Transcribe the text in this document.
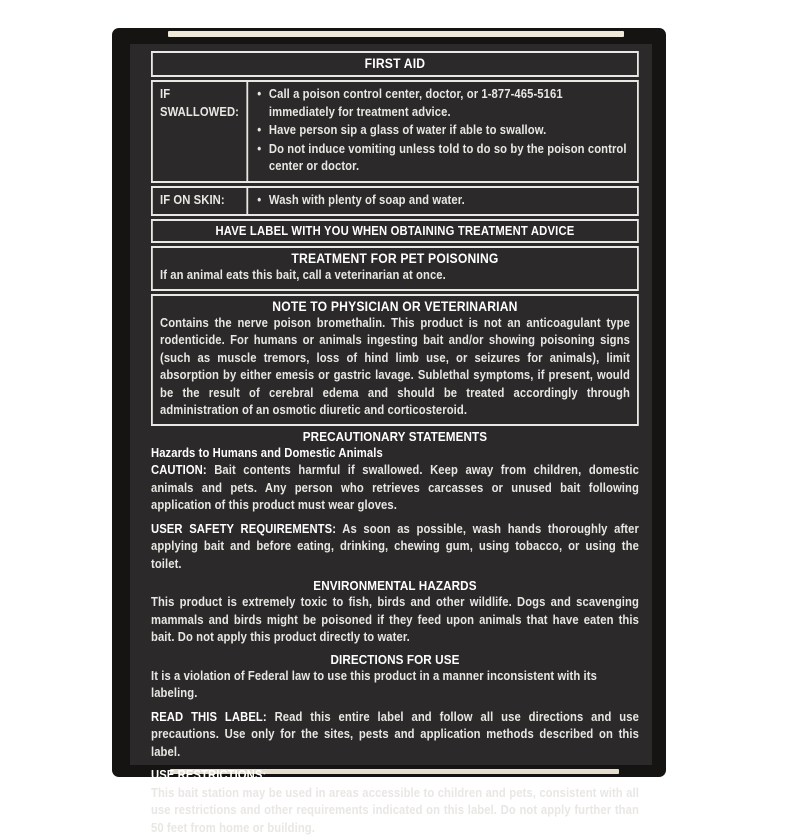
FIRST AID
IF SWALLOWED:
• Call a poison control center, doctor, or 1-877-465-5161 immediately for treatment advice.
• Have person sip a glass of water if able to swallow.
• Do not induce vomiting unless told to do so by the poison control center or doctor.
IF ON SKIN:	• Wash with plenty of soap and water.
HAVE LABEL WITH YOU WHEN OBTAINING TREATMENT ADVICE
TREATMENT FOR PET POISONING
If an animal eats this bait, call a veterinarian at once.
NOTE TO PHYSICIAN OR VETERINARIAN
Contains the nerve poison bromethalin. This product is not an anticoagulant type rodenticide. For humans or animals ingesting bait and/or showing poisoning signs (such as muscle tremors, loss of hind limb use, or seizures for animals), limit absorption by either emesis or gastric lavage. Sublethal symptoms, if present, would be the result of cerebral edema and should be treated accordingly through administration of an osmotic diuretic and corticosteroid.
PRECAUTIONARY STATEMENTS

Hazards to Humans and Domestic Animals

CAUTION: Bait contents harmful if swallowed. Keep away from children, domestic animals and pets. Any person who retrieves carcasses or unused bait following application of this product must wear gloves.

USER SAFETY REQUIREMENTS: As soon as possible, wash hands thoroughly after applying bait and before eating, drinking, chewing gum, using tobacco, or using the toilet.

ENVIRONMENTAL HAZARDS

This product is extremely toxic to fish, birds and other wildlife. Dogs and scavenging mammals and birds might be poisoned if they feed upon animals that have eaten this bait. Do not apply this product directly to water.

DIRECTIONS FOR USE

It is a violation of Federal law to use this product in a manner inconsistent with its labeling.

READ THIS LABEL: Read this entire label and follow all use directions and use precautions. Use only for the sites, pests and application methods described on this label.

USE RESTRICTIONS:

This bait station may be used in areas accessible to children and pets, consistent with all use restrictions and other requirements indicated on this label. Do not apply further than 50 feet from home or building.
